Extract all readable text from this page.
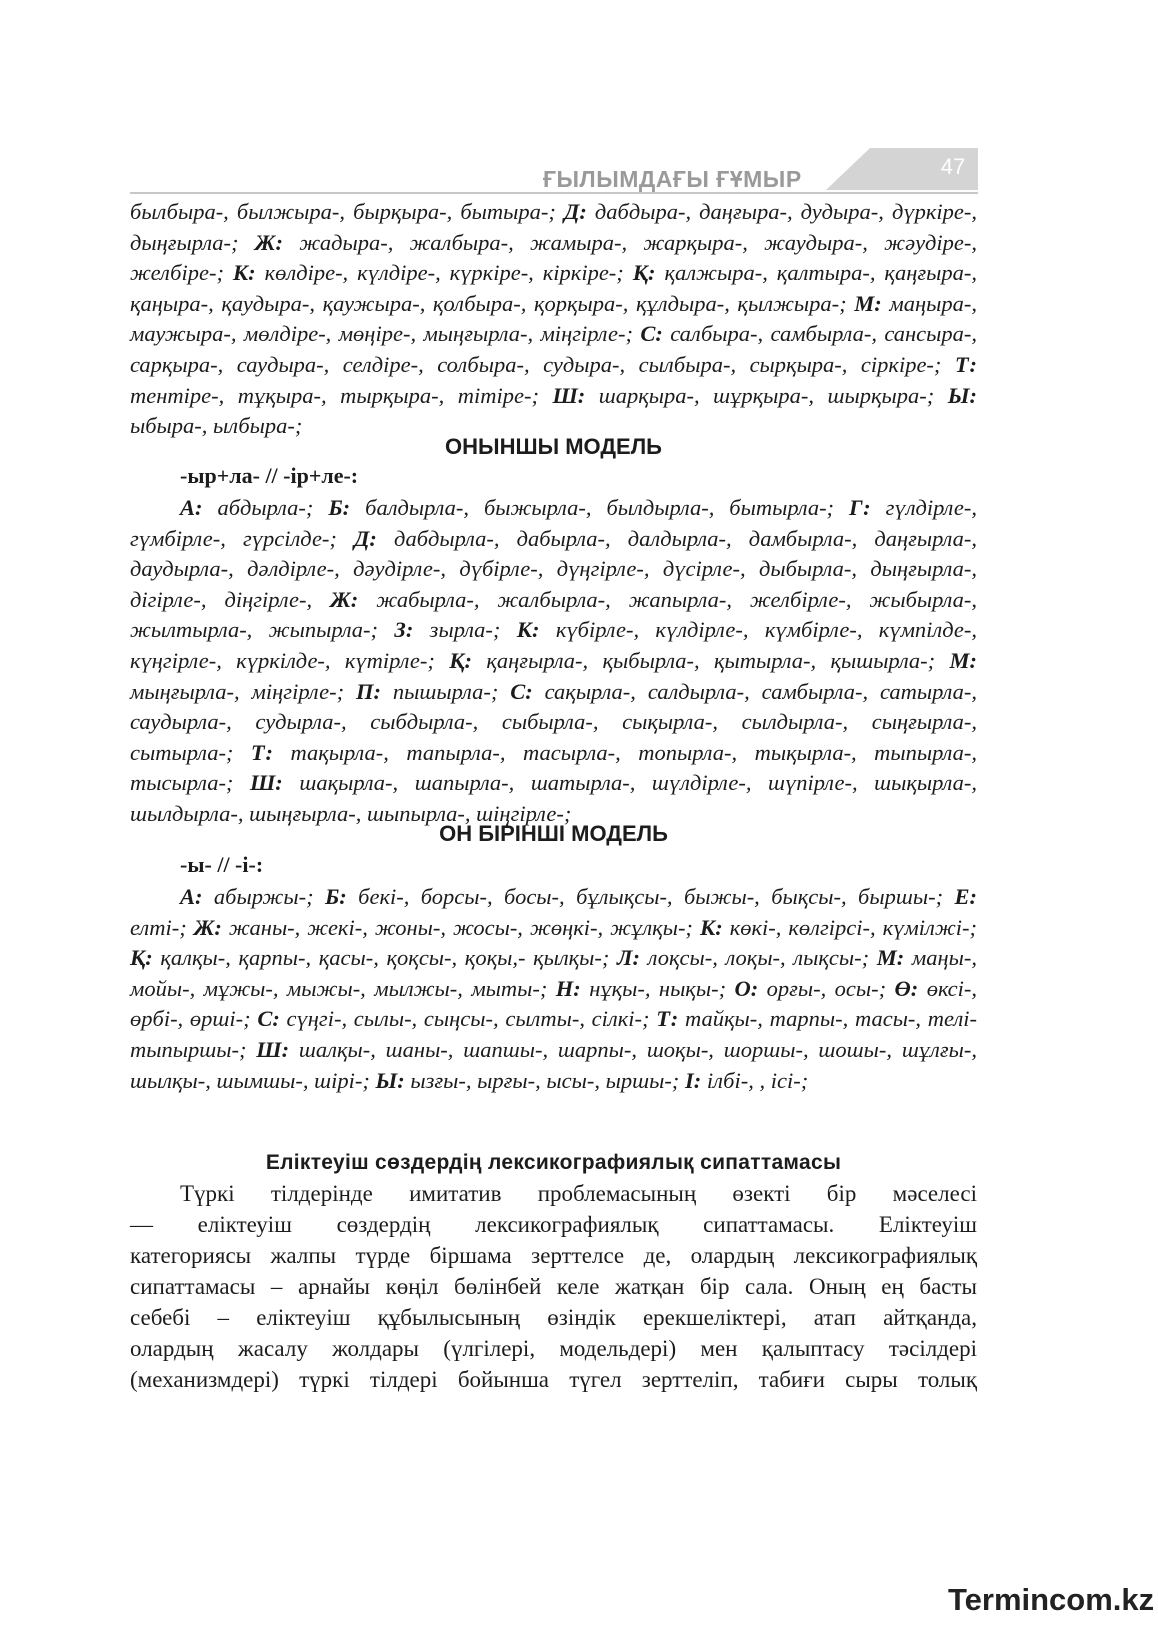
ҒЫЛЫМДАҒЫ ҒҰМЫР	47

былбыра-, былжыра-, бырқыра-, бытыра-; Д: дабдыра-, даңғыра-, дудыра-, дүркіре-, дыңғырла-; Ж: жадыра-, жалбыра-, жамыра-, жарқыра-, жаудыра-, жәудіре-, желбіре-; К: көлдіре-, күлдіре-, күркіре-, кіркіре-; Қ: қалжыра-, қалтыра-, қаңғыра-, қаңыра-, қаудыра-, қаужыра-, қолбыра-, қорқыра-, құлдыра-, қылжыра-; М: маңыра-, маужыра-, мөлдіре-, мөңіре-, мыңғырла-, міңгірле-; С: салбыра-, самбырла-, сансыра-, сарқыра-, саудыра-, селдіре-, солбыра-, судыра-, сылбыра-, сырқыра-, сіркіре-; Т: тентіре-, тұқыра-, тырқыра-, тітіре-; Ш: шарқыра-, шұрқыра-, шырқыра-; Ы: ыбыра-, ылбыра-;

ОНЫНШЫ МОДЕЛЬ

-ыр+ла- // -ір+ле-:

А: абдырла-; Б: балдырла-, быжырла-, былдырла-, бытырла-; Г: гүлдірле-, гүмбірле-, гүрсілде-; Д: дабдырла-, дабырла-, далдырла-, дамбырла-, даңғырла-, даудырла-, дәлдірле-, дәудірле-, дүбірле-, дүңгірле-, дүсірле-, дыбырла-, дыңғырла-, дігірле-, діңгірле-, Ж: жабырла-, жалбырла-, жапырла-, желбірле-, жыбырла-, жылтырла-, жыпырла-; З: зырла-; К: күбірле-, күлдірле-, күмбірле-, күмпілде-, күңгірле-, күркілде-, күтірле-; Қ: қаңғырла-, қыбырла-, қытырла-, қышырла-; М: мыңғырла-, міңгірле-; П: пышырла-; С: сақырла-, салдырла-, самбырла-, сатырла-, саудырла-, судырла-, сыбдырла-, сыбырла-, сықырла-, сылдырла-, сыңғырла-, сытырла-; Т: тақырла-, тапырла-, тасырла-, топырла-, тықырла-, тыпырла-, тысырла-; Ш: шақырла-, шапырла-, шатырла-, шүлдірле-, шүпірле-, шықырла-, шылдырла-, шыңғырла-, шыпырла-, шіңгірле-;

ОН БІРІНШІ МОДЕЛЬ

-ы- // -і-:

А: абыржы-; Б: бекі-, борсы-, босы-, бұлықсы-, быжы-, бықсы-, быршы-; Е: елті-; Ж: жаны-, жекі-, жоны-, жосы-, жөңкі-, жұлқы-; К: көкі-, көлгірсі-, күмілжі-; Қ: қалқы-, қарпы-, қасы-, қоқсы-, қоқы,- қылқы-; Л: лоқсы-, лоқы-, лықсы-; М: маңы-, мойы-, мұжы-, мыжы-, мылжы-, мыты-; Н: нұқы-, нықы-; О: орғы-, осы-; Ө: өксі-, өрбі-, өрші-; С: сүңгі-, сылы-, сыңсы-, сылты-, сілкі-; Т: тайқы-, тарпы-, тасы-, телі-тыпыршы-; Ш: шалқы-, шаны-, шапшы-, шарпы-, шоқы-, шоршы-, шошы-, шұлғы-, шылқы-, шымшы-, шірі-; Ы: ызғы-, ырғы-, ысы-, ыршы-; І: ілбі-, , ісі-;

Еліктеуіш сөздердің лексикографиялық сипаттамасы

Түркі тілдерінде имитатив проблемасының өзекті бір мәселесі
— еліктеуіш сөздердің лексикографиялық сипаттамасы. Еліктеуіш
категориясы жалпы түрде біршама зерттелсе де, олардың лексикографиялық
сипаттамасы – арнайы көңіл бөлінбей келе жатқан бір сала. Оның ең басты
себебі – еліктеуіш құбылысының өзіндік ерекшеліктері, атап айтқанда,
олардың жасалу жолдары (үлгілері, модельдері) мен қалыптасу тәсілдері
(механизмдері) түркі тілдері бойынша түгел зерттеліп, табиғи сыры толық
Termincom.kz
